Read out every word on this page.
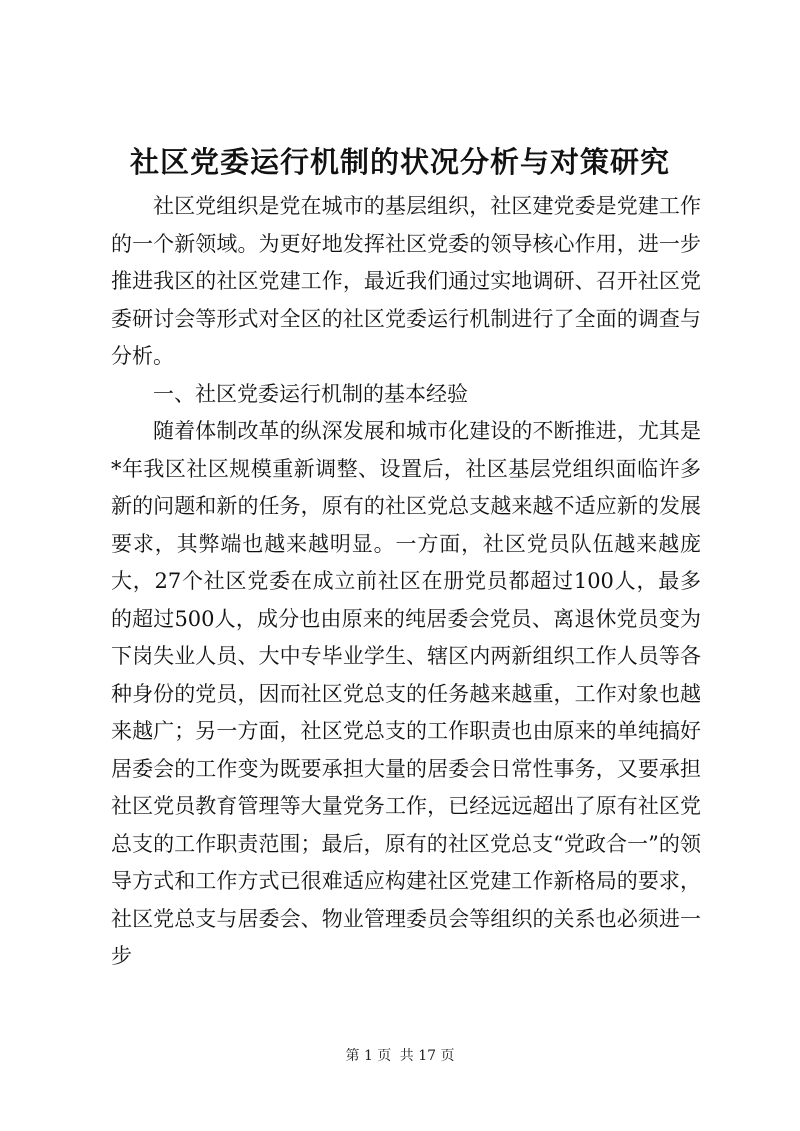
社区党委运行机制的状况分析与对策研究

社区党组织是党在城市的基层组织，社区建党委是党建工作的一个新领域。为更好地发挥社区党委的领导核心作用，进一步推进我区的社区党建工作，最近我们通过实地调研、召开社区党委研讨会等形式对全区的社区党委运行机制进行了全面的调查与分析。

一、社区党委运行机制的基本经验

随着体制改革的纵深发展和城市化建设的不断推进，尤其是*年我区社区规模重新调整、设置后，社区基层党组织面临许多新的问题和新的任务，原有的社区党总支越来越不适应新的发展要求，其弊端也越来越明显。一方面，社区党员队伍越来越庞大，27个社区党委在成立前社区在册党员都超过100人，最多的超过500人，成分也由原来的纯居委会党员、离退休党员变为下岗失业人员、大中专毕业学生、辖区内两新组织工作人员等各种身份的党员，因而社区党总支的任务越来越重，工作对象也越来越广；另一方面，社区党总支的工作职责也由原来的单纯搞好居委会的工作变为既要承担大量的居委会日常性事务，又要承担社区党员教育管理等大量党务工作，已经远远超出了原有社区党总支的工作职责范围；最后，原有的社区党总支“党政合一”的领导方式和工作方式已很难适应构建社区党建工作新格局的要求，社区党总支与居委会、物业管理委员会等组织的关系也必须进一步

第 1 页 共 17 页
